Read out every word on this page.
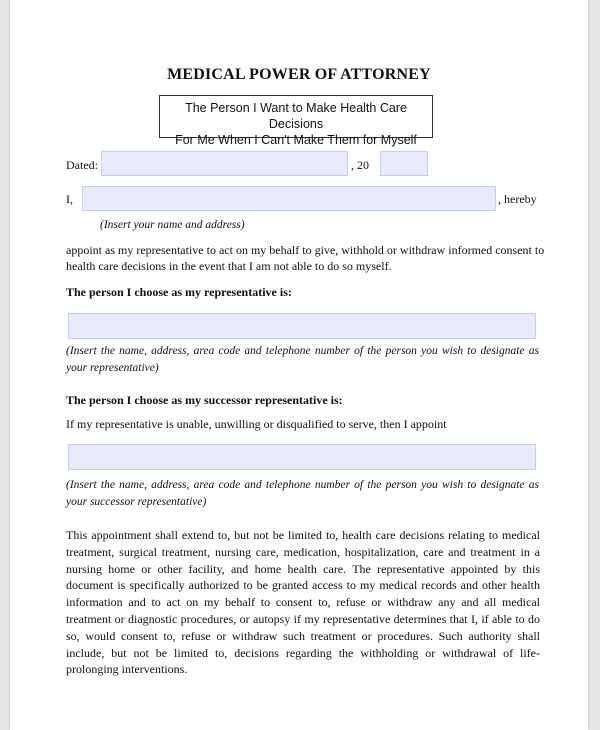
MEDICAL POWER OF ATTORNEY
The Person I Want to Make Health Care Decisions
For Me When I Can't Make Them for Myself
Dated:	, 20
I,	, hereby
(Insert your name and address)
appoint as my representative to act on my behalf to give, withhold or withdraw informed consent to health care decisions in the event that I am not able to do so myself.
The person I choose as my representative is:
(Insert the name, address, area code and telephone number of the person you wish to designate as your representative)
The person I choose as my successor representative is:
If my representative is unable, unwilling or disqualified to serve, then I appoint
(Insert the name, address, area code and telephone number of the person you wish to designate as your successor representative)
This appointment shall extend to, but not be limited to, health care decisions relating to medical treatment, surgical treatment, nursing care, medication, hospitalization, care and treatment in a nursing home or other facility, and home health care. The representative appointed by this document is specifically authorized to be granted access to my medical records and other health information and to act on my behalf to consent to, refuse or withdraw any and all medical treatment or diagnostic procedures, or autopsy if my representative determines that I, if able to do so, would consent to, refuse or withdraw such treatment or procedures. Such authority shall include, but not be limited to, decisions regarding the withholding or withdrawal of life-prolonging interventions.
